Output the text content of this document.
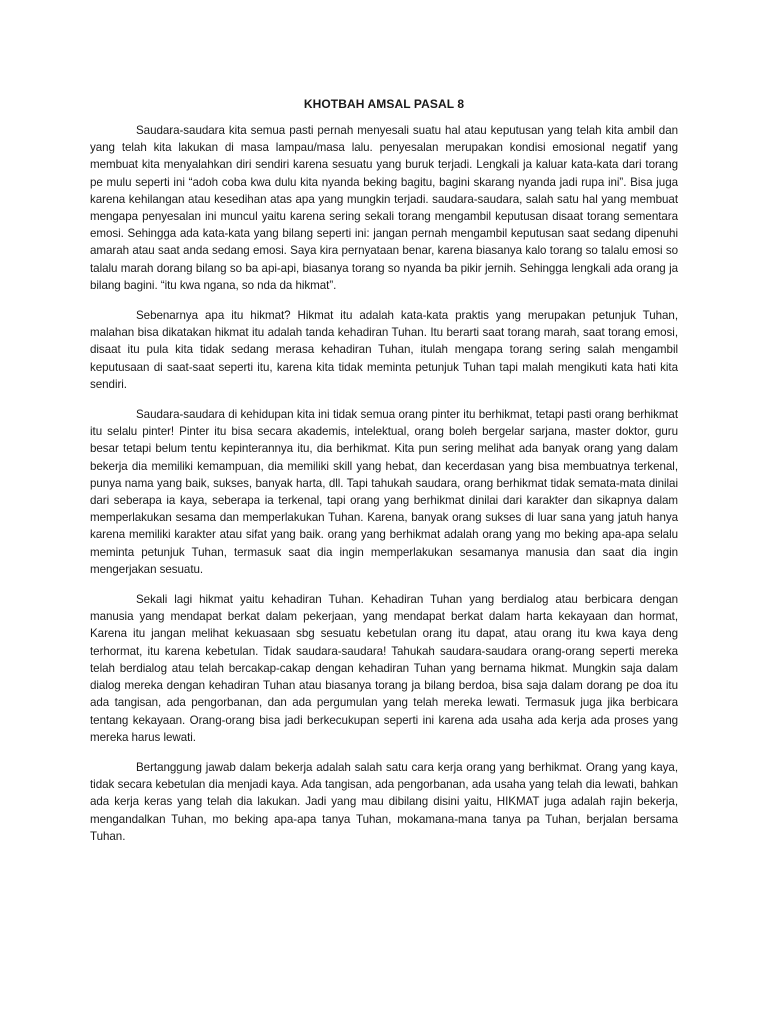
KHOTBAH AMSAL PASAL 8

Saudara-saudara kita semua pasti pernah menyesali suatu hal atau keputusan yang telah kita ambil dan yang telah kita lakukan di masa lampau/masa lalu. penyesalan merupakan kondisi emosional negatif yang membuat kita menyalahkan diri sendiri karena sesuatu yang buruk terjadi. Lengkali ja kaluar kata-kata dari torang pe mulu seperti ini “adoh coba kwa dulu kita nyanda beking bagitu, bagini skarang nyanda jadi rupa ini”. Bisa juga karena kehilangan atau kesedihan atas apa yang mungkin terjadi. saudara-saudara, salah satu hal yang membuat mengapa penyesalan ini muncul yaitu karena sering sekali torang mengambil keputusan disaat torang sementara emosi. Sehingga ada kata-kata yang bilang seperti ini: jangan pernah mengambil keputusan saat sedang dipenuhi amarah atau saat anda sedang emosi. Saya kira pernyataan benar, karena biasanya kalo torang so talalu emosi so talalu marah dorang bilang so ba api-api, biasanya torang so nyanda ba pikir jernih. Sehingga lengkali ada orang ja bilang bagini. “itu kwa ngana, so nda da hikmat”.

Sebenarnya apa itu hikmat? Hikmat itu adalah kata-kata praktis yang merupakan petunjuk Tuhan, malahan bisa dikatakan hikmat itu adalah tanda kehadiran Tuhan. Itu berarti saat torang marah, saat torang emosi, disaat itu pula kita tidak sedang merasa kehadiran Tuhan, itulah mengapa torang sering salah mengambil keputusaan di saat-saat seperti itu, karena kita tidak meminta petunjuk Tuhan tapi malah mengikuti kata hati kita sendiri.

Saudara-saudara di kehidupan kita ini tidak semua orang pinter itu berhikmat, tetapi pasti orang berhikmat itu selalu pinter! Pinter itu bisa secara akademis, intelektual, orang boleh bergelar sarjana, master doktor, guru besar tetapi belum tentu kepinterannya itu, dia berhikmat. Kita pun sering melihat ada banyak orang yang dalam bekerja dia memiliki kemampuan, dia memiliki skill yang hebat, dan kecerdasan yang bisa membuatnya terkenal, punya nama yang baik, sukses, banyak harta, dll. Tapi tahukah saudara, orang berhikmat tidak semata-mata dinilai dari seberapa ia kaya, seberapa ia terkenal, tapi orang yang berhikmat dinilai dari karakter dan sikapnya dalam memperlakukan sesama dan memperlakukan Tuhan. Karena, banyak orang sukses di luar sana yang jatuh hanya karena memiliki karakter atau sifat yang baik. orang yang berhikmat adalah orang yang mo beking apa-apa selalu meminta petunjuk Tuhan, termasuk saat dia ingin memperlakukan sesamanya manusia dan saat dia ingin mengerjakan sesuatu.

Sekali lagi hikmat yaitu kehadiran Tuhan. Kehadiran Tuhan yang berdialog atau berbicara dengan manusia yang mendapat berkat dalam pekerjaan, yang mendapat berkat dalam harta kekayaan dan hormat, Karena itu jangan melihat kekuasaan sbg sesuatu kebetulan orang itu dapat, atau orang itu kwa kaya deng terhormat, itu karena kebetulan. Tidak saudara-saudara! Tahukah saudara-saudara orang-orang seperti mereka telah berdialog atau telah bercakap-cakap dengan kehadiran Tuhan yang bernama hikmat. Mungkin saja dalam dialog mereka dengan kehadiran Tuhan atau biasanya torang ja bilang berdoa, bisa saja dalam dorang pe doa itu ada tangisan, ada pengorbanan, dan ada pergumulan yang telah mereka lewati. Termasuk juga jika berbicara tentang kekayaan. Orang-orang bisa jadi berkecukupan seperti ini karena ada usaha ada kerja ada proses yang mereka harus lewati.

Bertanggung jawab dalam bekerja adalah salah satu cara kerja orang yang berhikmat. Orang yang kaya, tidak secara kebetulan dia menjadi kaya. Ada tangisan, ada pengorbanan, ada usaha yang telah dia lewati, bahkan ada kerja keras yang telah dia lakukan. Jadi yang mau dibilang disini yaitu, HIKMAT juga adalah rajin bekerja, mengandalkan Tuhan, mo beking apa-apa tanya Tuhan, mokamana-mana tanya pa Tuhan, berjalan bersama Tuhan.
